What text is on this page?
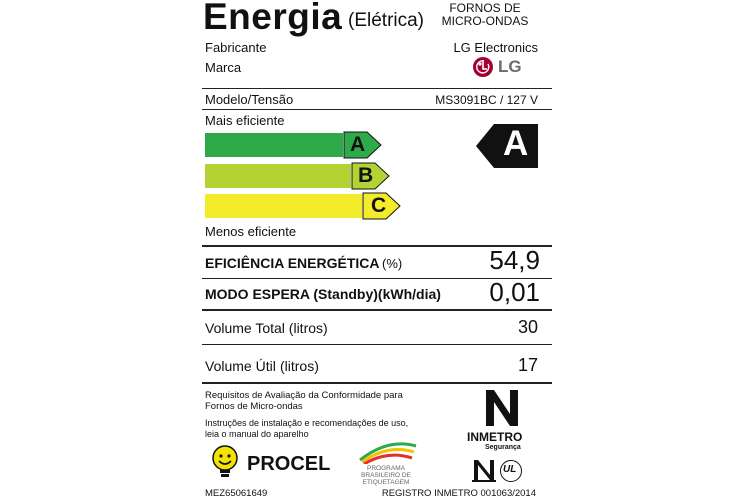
Energia (Elétrica)
FORNOS DE
MICRO-ONDAS
Fabricante	LG Electronics
Marca	LG
Modelo/Tensão	MS3091BC / 127 V
Mais eficiente
A
B
C
A
Menos eficiente
EFICIÊNCIA ENERGÉTICA (%)	54,9
MODO ESPERA (Standby)(kWh/dia) 0,01
Volume Total (litros)	30
Volume Útil (litros)	17
Requisitos de Avaliação da Conformidade para Fornos de Micro-ondas
Instruções de instalação e recomendações de uso, leia o manual do aparelho
PROCEL	PROGRAMA
BRASILEIRO DE
ETIQUETAGEM
INMETRO
Segurança
UL
MEZ65061649	REGISTRO INMETRO 001063/2014
